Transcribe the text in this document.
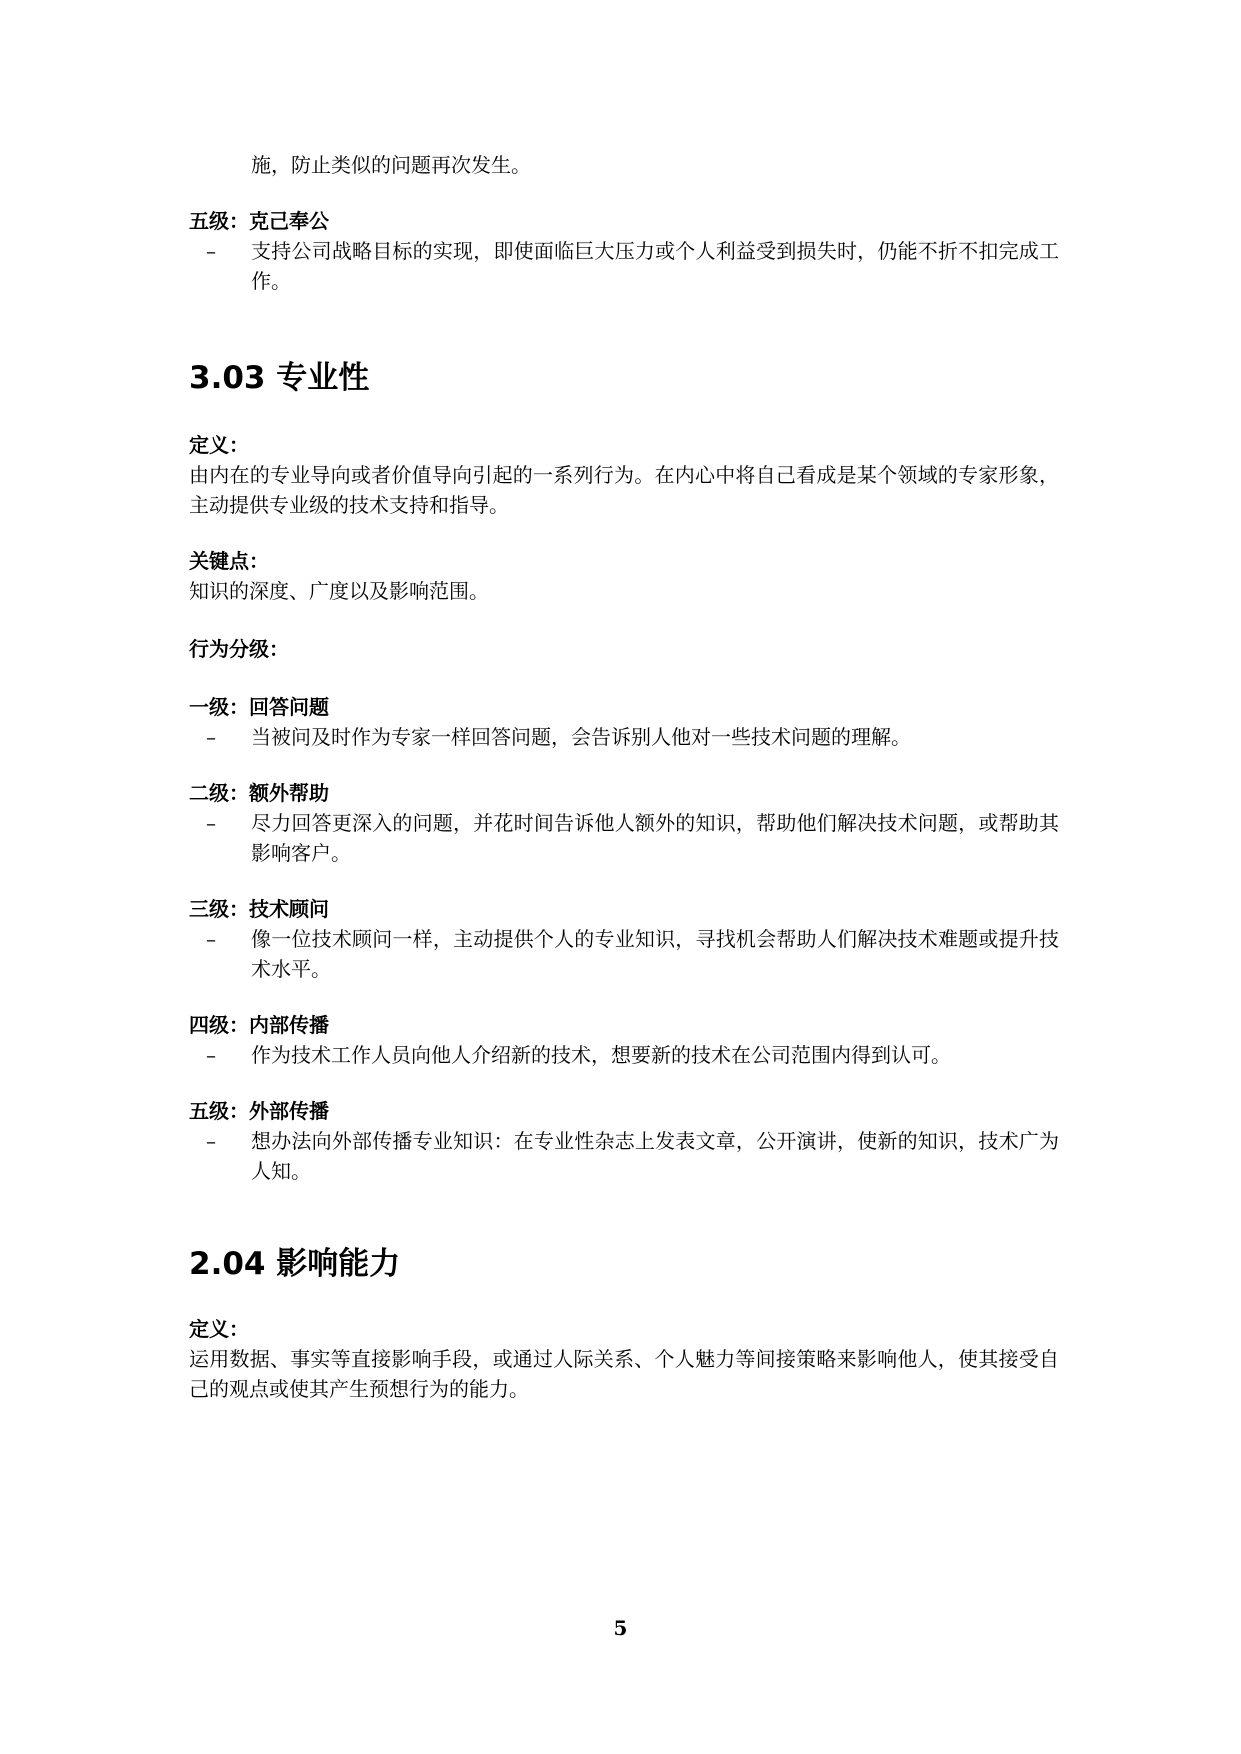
施，防止类似的问题再次发生。

五级：克己奉公

–	支持公司战略目标的实现，即使面临巨大压力或个人利益受到损失时，仍能不折不扣完成工作。
3.03 专业性

定义：

由内在的专业导向或者价值导向引起的一系列行为。在内心中将自己看成是某个领域的专家形象，主动提供专业级的技术支持和指导。

关键点：

知识的深度、广度以及影响范围。

行为分级：

一级：回答问题

–	当被问及时作为专家一样回答问题，会告诉别人他对一些技术问题的理解。

二级：额外帮助

–	尽力回答更深入的问题，并花时间告诉他人额外的知识，帮助他们解决技术问题，或帮助其影响客户。

三级：技术顾问

–	像一位技术顾问一样，主动提供个人的专业知识，寻找机会帮助人们解决技术难题或提升技术水平。

四级：内部传播

–	作为技术工作人员向他人介绍新的技术，想要新的技术在公司范围内得到认可。

五级：外部传播

–	想办法向外部传播专业知识：在专业性杂志上发表文章，公开演讲，使新的知识，技术广为人知。
2.04 影响能力

定义：

运用数据、事实等直接影响手段，或通过人际关系、个人魅力等间接策略来影响他人，使其接受自己的观点或使其产生预想行为的能力。

5
